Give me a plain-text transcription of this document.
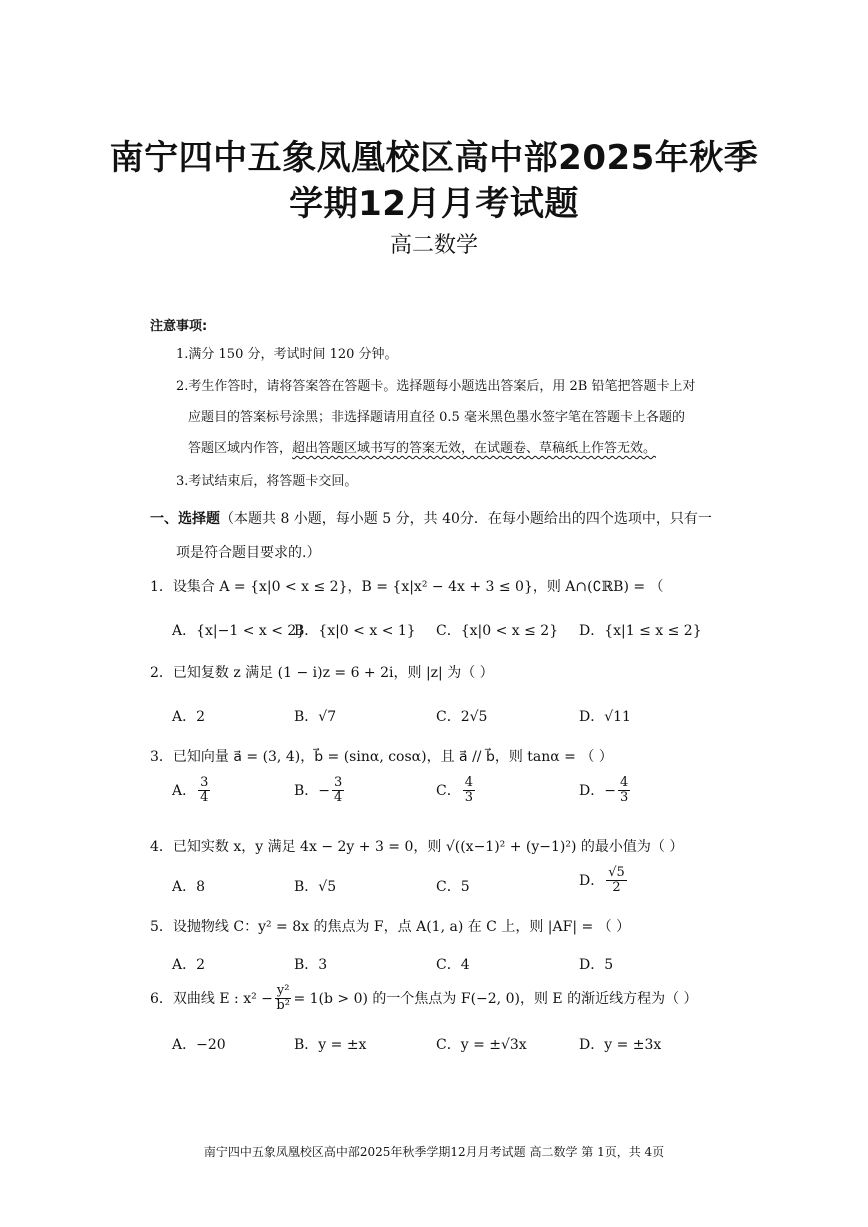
南宁四中五象凤凰校区高中部2025年秋季
学期12月月考试题
高二数学
注意事项:
1.满分 150 分，考试时间 120 分钟。
2.考生作答时，请将答案答在答题卡。选择题每小题选出答案后，用 2B 铅笔把答题卡上对
应题目的答案标号涂黑；非选择题请用直径 0.5 毫米黑色墨水签字笔在答题卡上各题的
答题区域内作答，超出答题区域书写的答案无效，在试题卷、草稿纸上作答无效。
3.考试结束后，将答题卡交回。
一、选择题（本题共 8 小题，每小题 5 分，共 40分．在每小题给出的四个选项中，只有一
项是符合题目要求的.）
1．设集合 A = {x|0 < x ≤ 2}，B = {x|x² − 4x + 3 ≤ 0}，则 A∩(∁ℝB) = （
A．{x|−1 < x < 2}
B．{x|0 < x < 1} C．{x|0 < x ≤ 2} D．{x|1 ≤ x ≤ 2}
2．已知复数 z 满足 (1 − i)z = 6 + 2i，则 |z| 为（ ）
A．2	B．√7	C．2√5	D．√11
3．已知向量 a⃗ = (3, 4)，b⃗ = (sinα, cosα)，且 a⃗ // b⃗，则 tanα = （ ）
A． $\frac{3}{4}$	B．− $\frac{3}{4}$	C． $\frac{4}{3}$	D．− $\frac{4}{3}$
4．已知实数 x，y 满足 4x − 2y + 3 = 0，则 √((x−1)² + (y−1)²) 的最小值为（ ）
A．8	B．√5	C．5	D． $\frac{√5}{2}$
5．设抛物线 C：y² = 8x 的焦点为 F，点 A(1, a) 在 C 上，则 |AF| = （ ）
A．2	B．3	C．4	D．5
6．双曲线 E : $x^2 - \frac{\text{y²}}{\text{b²}} = 1(b > 0)$ 的一个焦点为 F(−2, 0)，则 E 的渐近线方程为（ ）
A．−20	B．y = ±x	C．y = ±√3x	D．y = ±3x
南宁四中五象凤凰校区高中部2025年秋季学期12月月考试题 高二数学 第 1页，共 4页
